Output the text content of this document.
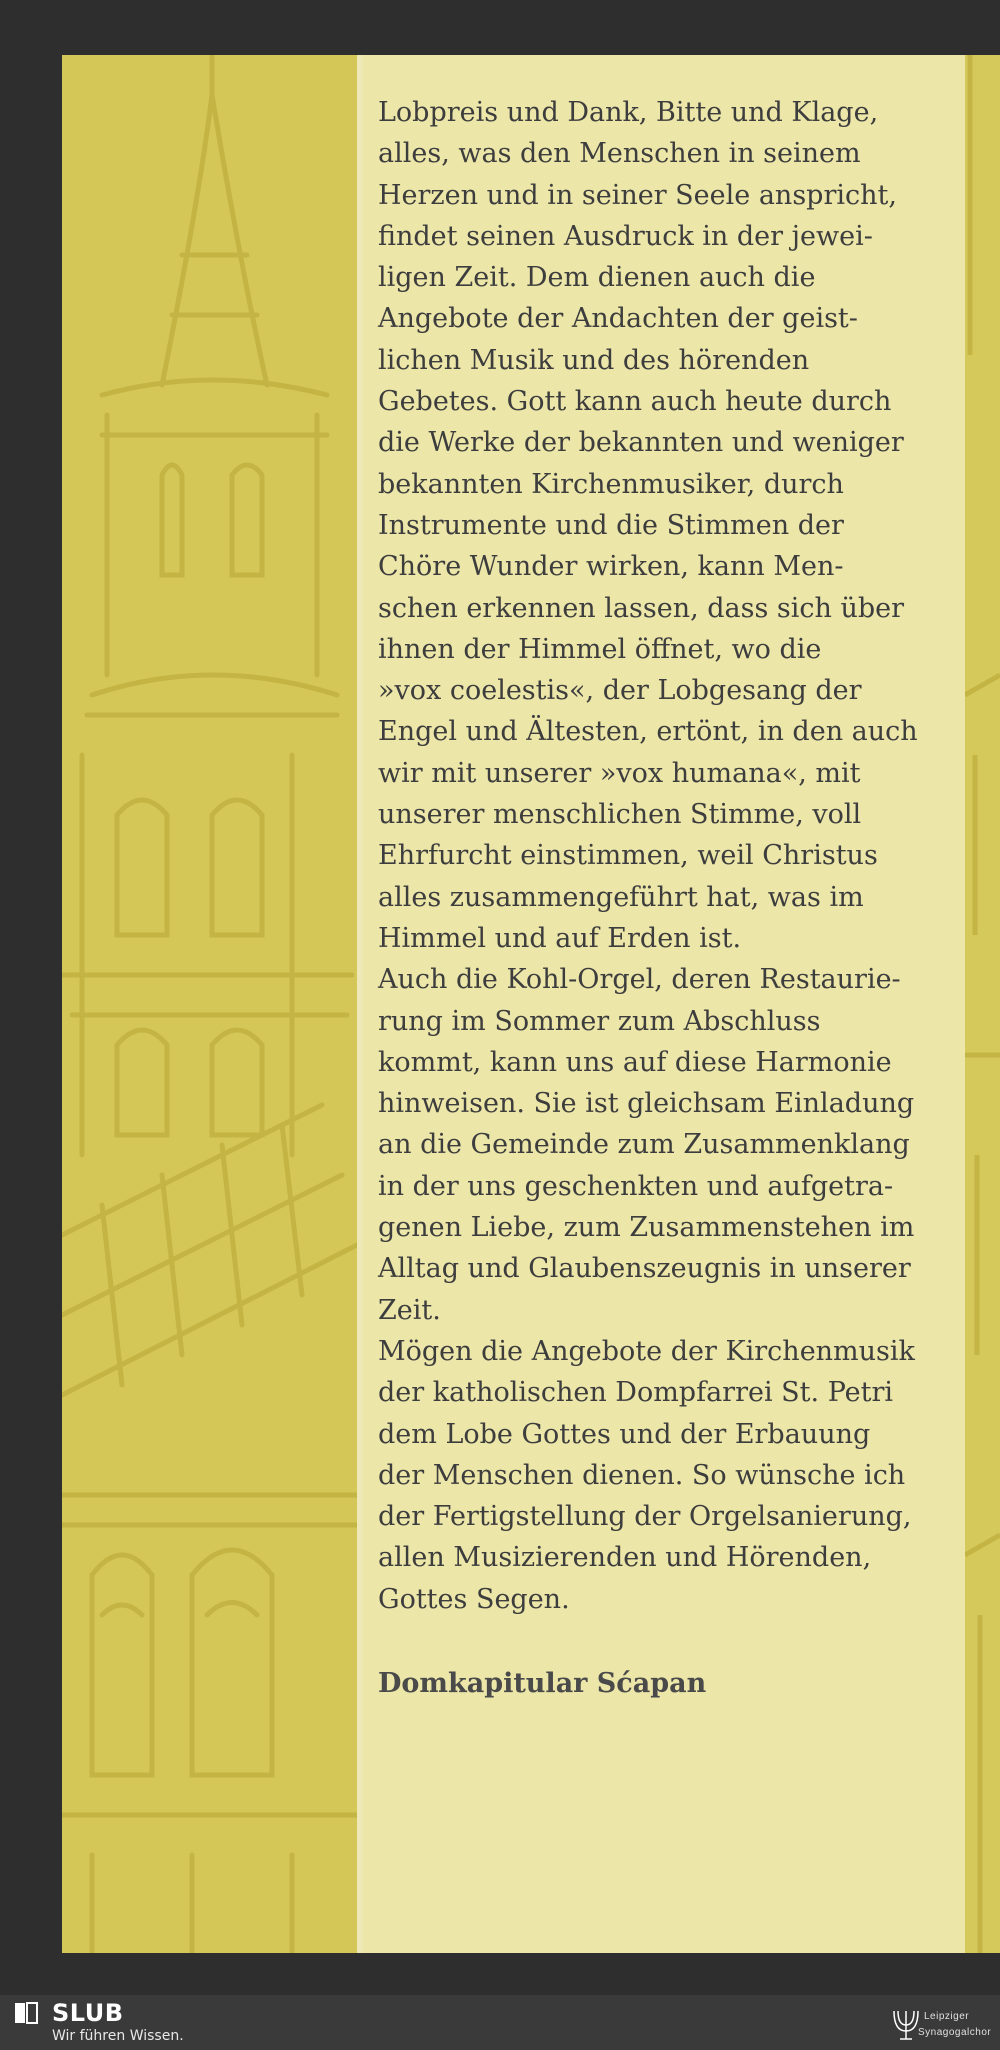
Lobpreis und Dank, Bitte und Klage,
alles, was den Menschen in seinem
Herzen und in seiner Seele anspricht,
findet seinen Ausdruck in der jewei-
ligen Zeit. Dem dienen auch die
Angebote der Andachten der geist-
lichen Musik und des hörenden
Gebetes. Gott kann auch heute durch
die Werke der bekannten und weniger
bekannten Kirchenmusiker, durch
Instrumente und die Stimmen der
Chöre Wunder wirken, kann Men-
schen erkennen lassen, dass sich über
ihnen der Himmel öffnet, wo die
»vox coelestis«, der Lobgesang der
Engel und Ältesten, ertönt, in den auch
wir mit unserer »vox humana«, mit
unserer menschlichen Stimme, voll
Ehrfurcht einstimmen, weil Christus
alles zusammengeführt hat, was im
Himmel und auf Erden ist.
Auch die Kohl-Orgel, deren Restaurie-
rung im Sommer zum Abschluss
kommt, kann uns auf diese Harmonie
hinweisen. Sie ist gleichsam Einladung
an die Gemeinde zum Zusammenklang
in der uns geschenkten und aufgetra-
genen Liebe, zum Zusammenstehen im
Alltag und Glaubenszeugnis in unserer
Zeit.
Mögen die Angebote der Kirchenmusik
der katholischen Dompfarrei St. Petri
dem Lobe Gottes und der Erbauung
der Menschen dienen. So wünsche ich
der Fertigstellung der Orgelsanierung,
allen Musizierenden und Hörenden,
Gottes Segen.
Domkapitular Sćapan
SLUB
Wir führen Wissen.
Leipziger
Synagogalchor
